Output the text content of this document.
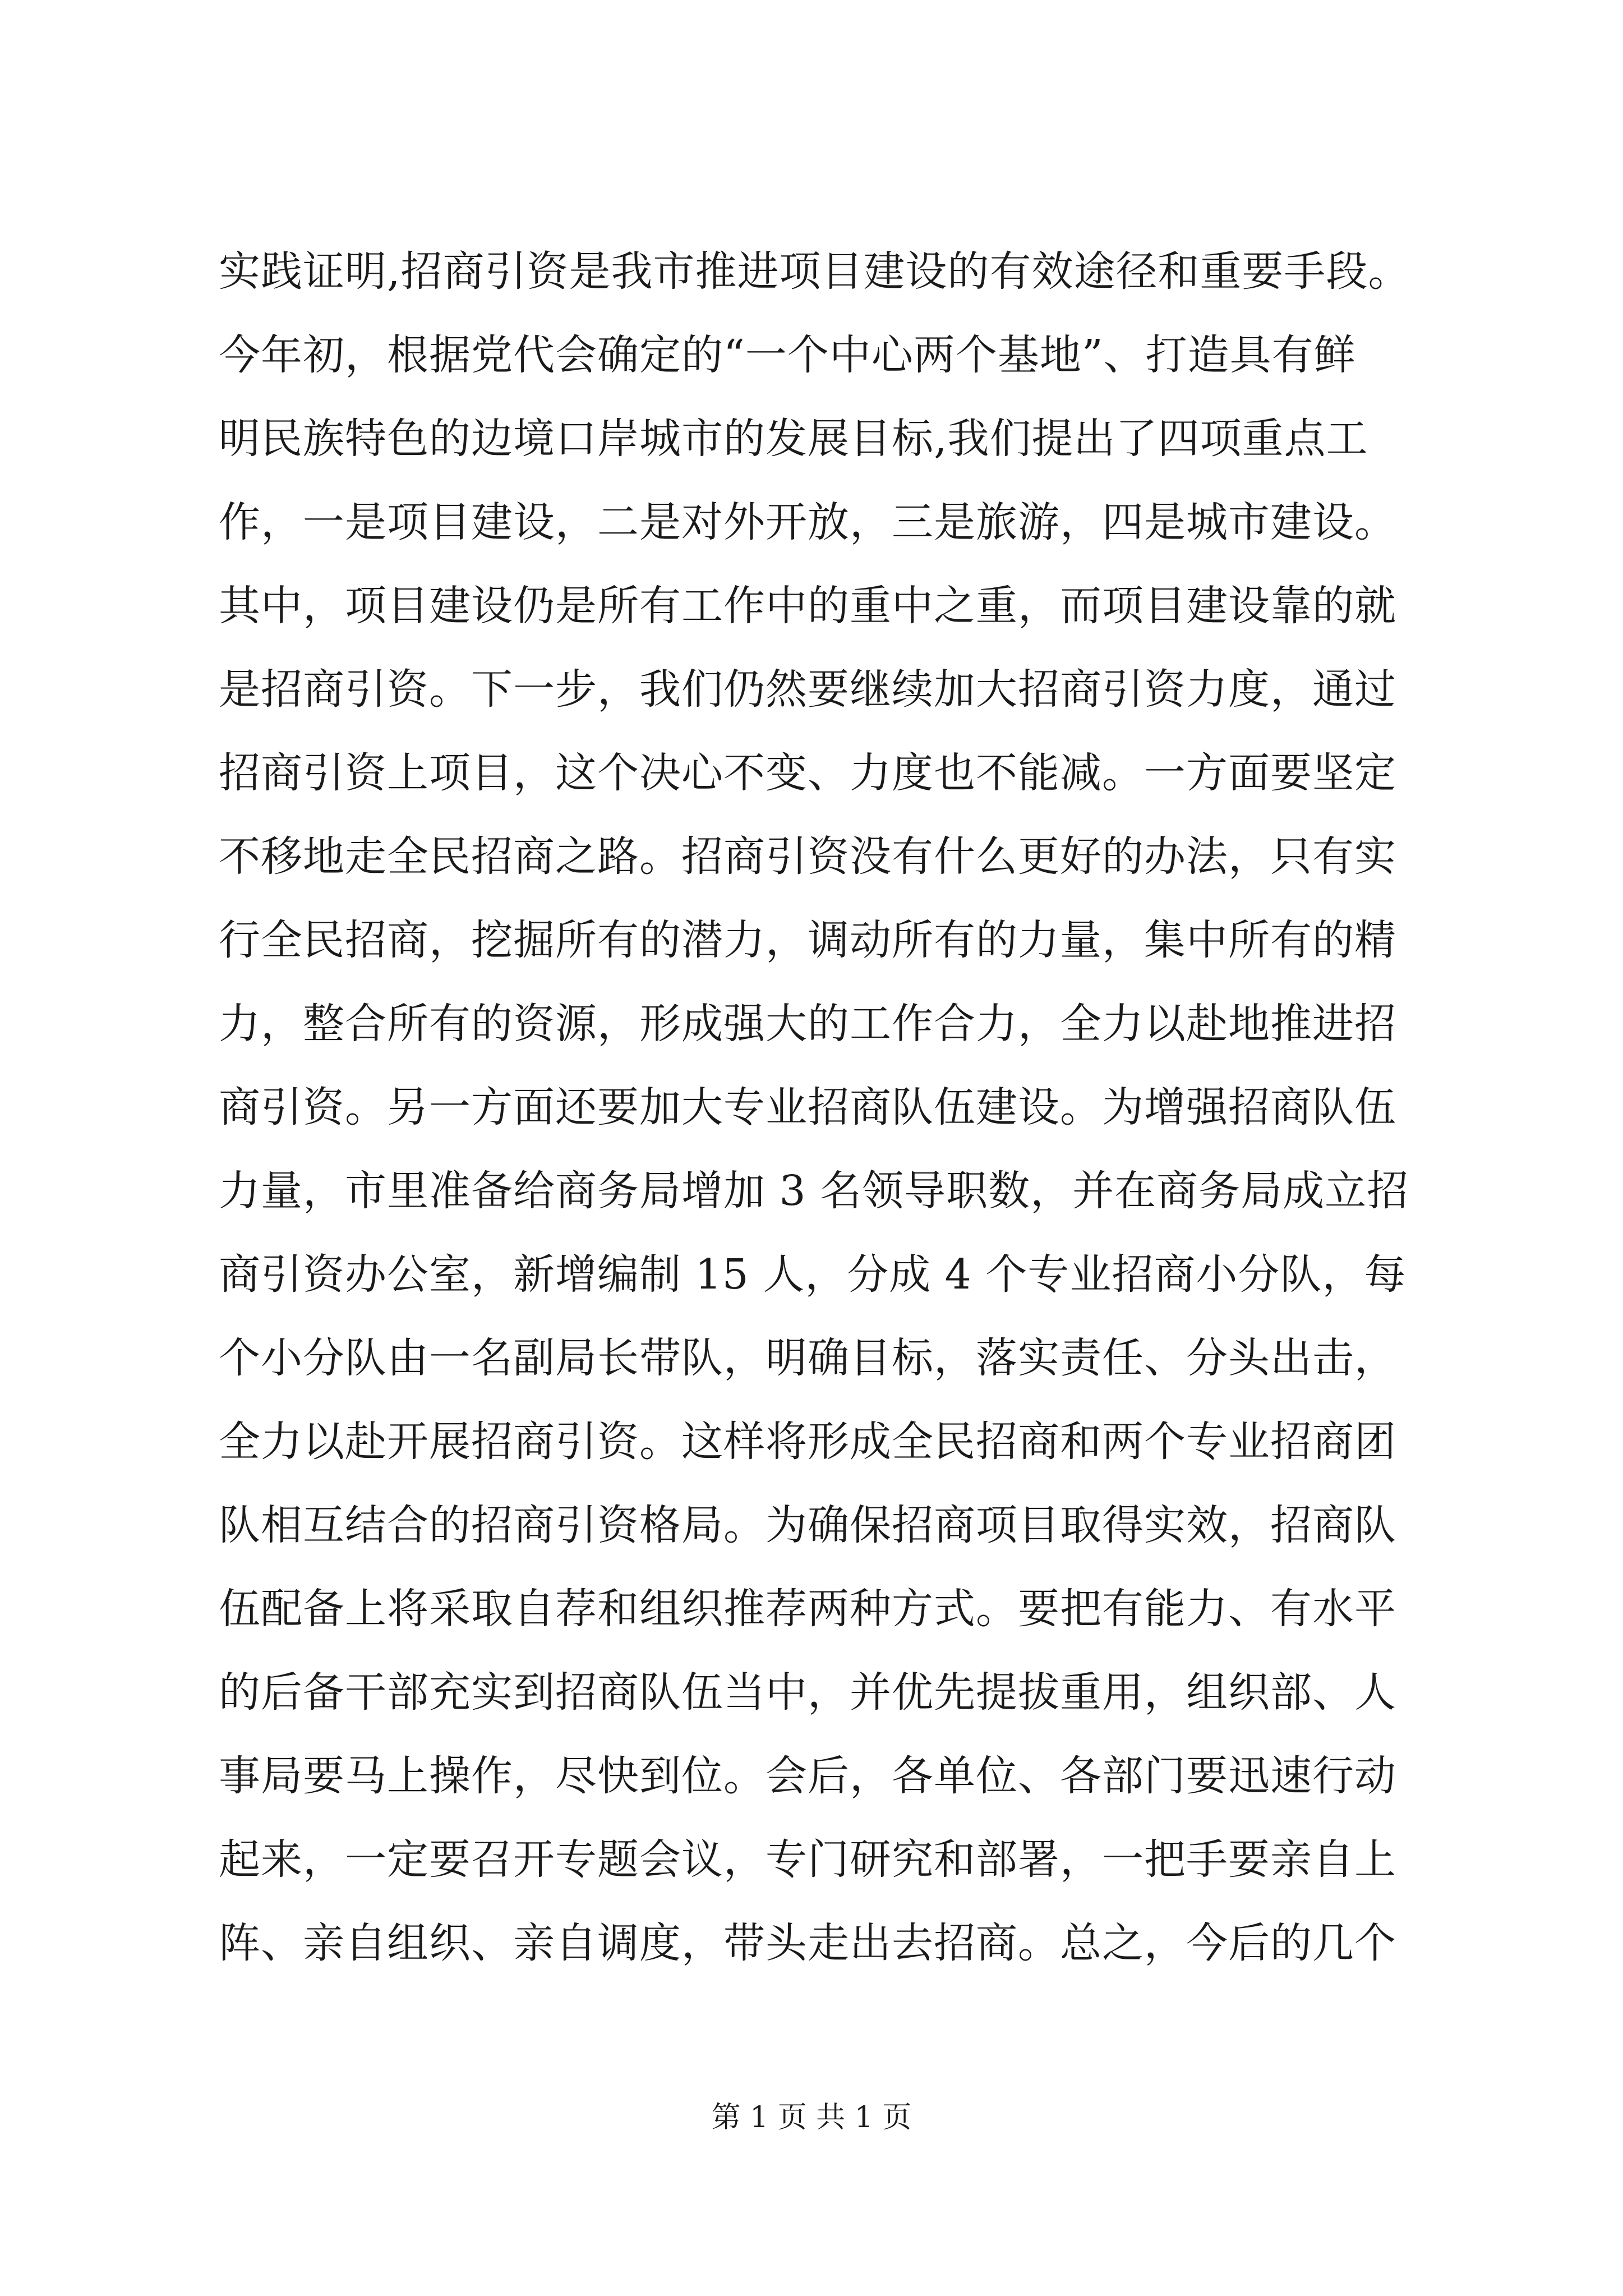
实践证明,招商引资是我市推进项目建设的有效途径和重要手段。
今年初，根据党代会确定的“一个中心两个基地”、打造具有鲜
明民族特色的边境口岸城市的发展目标,我们提出了四项重点工
作，一是项目建设，二是对外开放，三是旅游，四是城市建设。
其中，项目建设仍是所有工作中的重中之重，而项目建设靠的就
是招商引资。下一步，我们仍然要继续加大招商引资力度，通过
招商引资上项目，这个决心不变、力度也不能减。一方面要坚定
不移地走全民招商之路。招商引资没有什么更好的办法，只有实
行全民招商，挖掘所有的潜力，调动所有的力量，集中所有的精
力，整合所有的资源，形成强大的工作合力，全力以赴地推进招
商引资。另一方面还要加大专业招商队伍建设。为增强招商队伍
力量，市里准备给商务局增加 3 名领导职数，并在商务局成立招
商引资办公室，新增编制 15 人，分成 4 个专业招商小分队，每
个小分队由一名副局长带队，明确目标，落实责任、分头出击，
全力以赴开展招商引资。这样将形成全民招商和两个专业招商团
队相互结合的招商引资格局。为确保招商项目取得实效，招商队
伍配备上将采取自荐和组织推荐两种方式。要把有能力、有水平
的后备干部充实到招商队伍当中，并优先提拔重用，组织部、人
事局要马上操作，尽快到位。会后，各单位、各部门要迅速行动
起来，一定要召开专题会议，专门研究和部署，一把手要亲自上
阵、亲自组织、亲自调度，带头走出去招商。总之，今后的几个
第 1 页 共 1 页
